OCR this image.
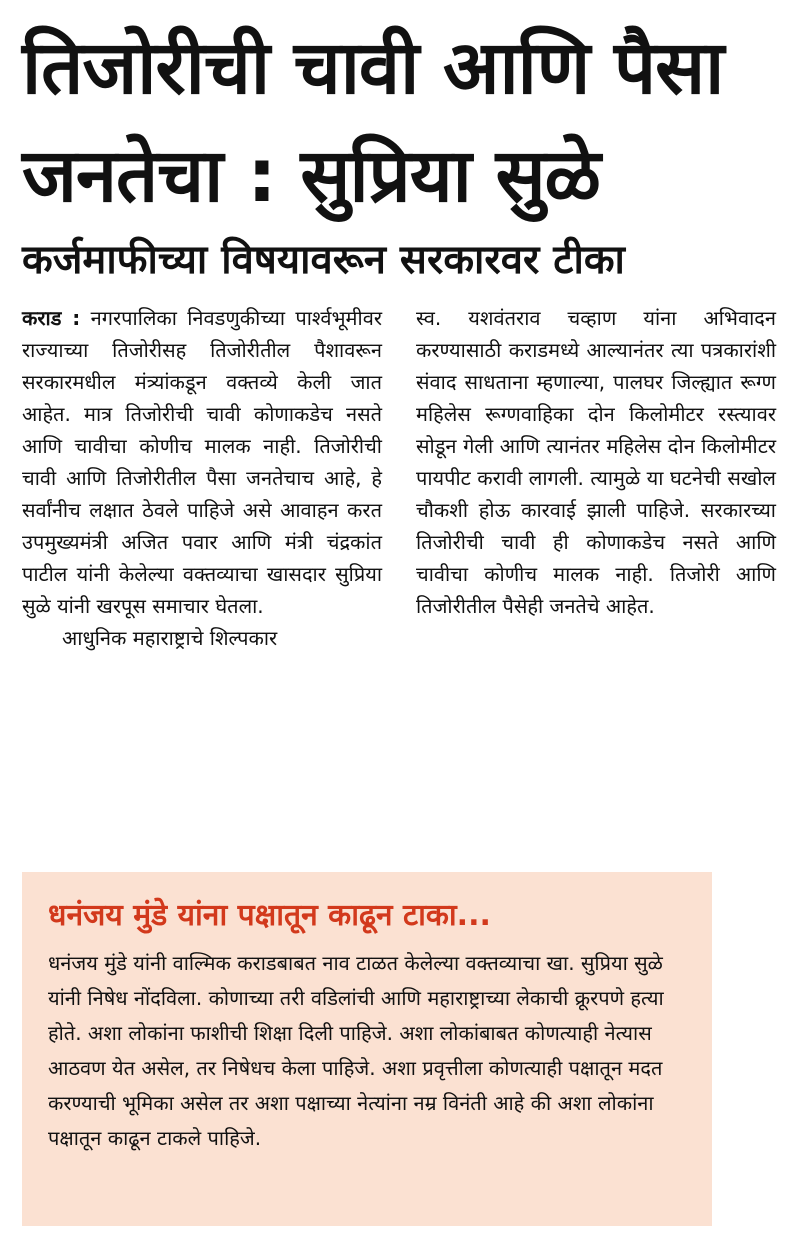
तिजोरीची चावी आणि पैसा
जनतेचा : सुप्रिया सुळे
कर्जमाफीच्या विषयावरून सरकारवर टीका

कराड : नगरपालिका निवडणुकीच्या पार्श्वभूमीवर राज्याच्या तिजोरीसह तिजोरीतील पैशावरून सरकारमधील मंत्र्यांकडून वक्तव्ये केली जात आहेत. मात्र तिजोरीची चावी कोणाकडेच नसते आणि चावीचा कोणीच मालक नाही. तिजोरीची चावी आणि तिजोरीतील पैसा जनतेचाच आहे, हे सर्वांनीच लक्षात ठेवले पाहिजे असे आवाहन करत उपमुख्यमंत्री अजित पवार आणि मंत्री चंद्रकांत पाटील यांनी केलेल्या वक्तव्याचा खासदार सुप्रिया सुळे यांनी खरपूस समाचार घेतला.

आधुनिक महाराष्ट्राचे शिल्पकार

स्व. यशवंतराव चव्हाण यांना अभिवादन करण्यासाठी कराडमध्ये आल्यानंतर त्या पत्रकारांशी संवाद साधताना म्हणाल्या, पालघर जिल्ह्यात रूग्ण महिलेस रूग्णवाहिका दोन किलोमीटर रस्त्यावर सोडून गेली आणि त्यानंतर महिलेस दोन किलोमीटर पायपीट करावी लागली. त्यामुळे या घटनेची सखोल चौकशी होऊ कारवाई झाली पाहिजे. सरकारच्या तिजोरीची चावी ही कोणाकडेच नसते आणि चावीचा कोणीच मालक नाही. तिजोरी आणि तिजोरीतील पैसेही जनतेचे आहेत.

धनंजय मुंडे यांना पक्षातून काढून टाका...

धनंजय मुंडे यांनी वाल्मिक कराडबाबत नाव टाळत केलेल्या वक्तव्याचा खा. सुप्रिया सुळे यांनी निषेध नोंदविला. कोणाच्या तरी वडिलांची आणि महाराष्ट्राच्या लेकाची क्रूरपणे हत्या होते. अशा लोकांना फाशीची शिक्षा दिली पाहिजे. अशा लोकांबाबत कोणत्याही नेत्यास आठवण येत असेल, तर निषेधच केला पाहिजे. अशा प्रवृत्तीला कोणत्याही पक्षातून मदत करण्याची भूमिका असेल तर अशा पक्षाच्या नेत्यांना नम्र विनंती आहे की अशा लोकांना पक्षातून काढून टाकले पाहिजे.
